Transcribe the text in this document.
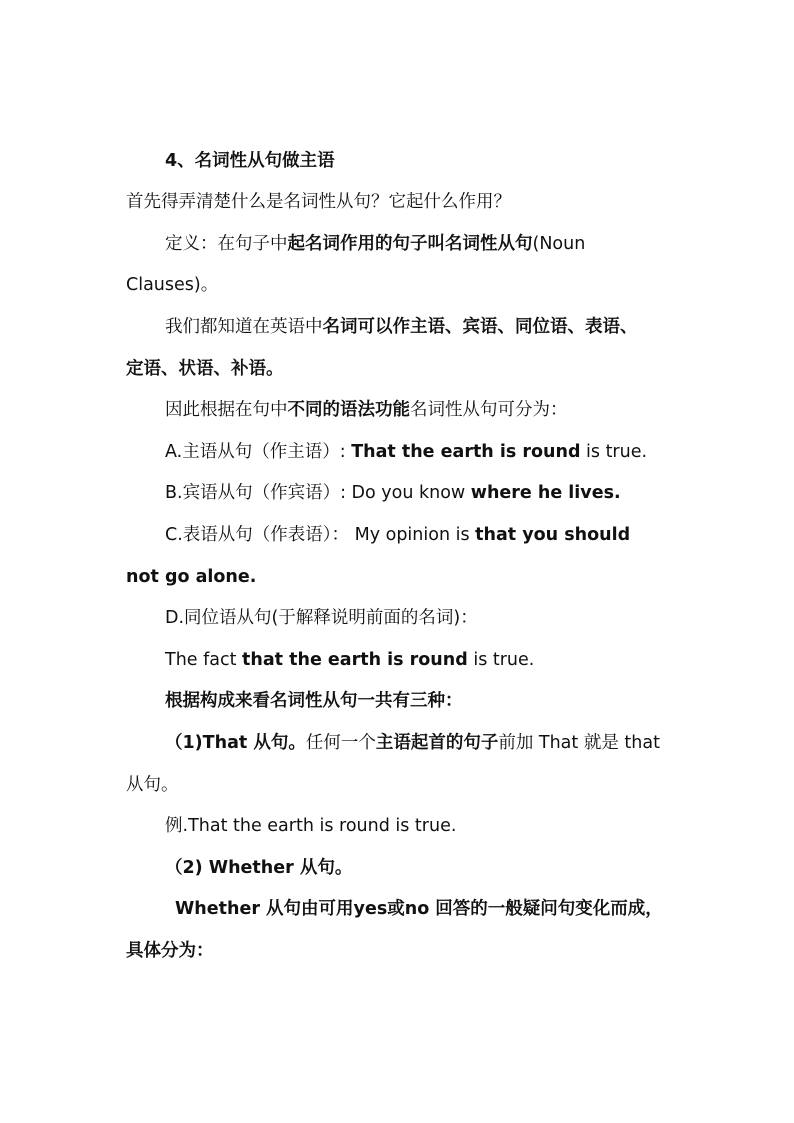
4、名词性从句做主语
首先得弄清楚什么是名词性从句？它起什么作用？
定义：在句子中起名词作用的句子叫名词性从句(Noun
Clauses)。
我们都知道在英语中名词可以作主语、宾语、同位语、表语、
定语、状语、补语。
因此根据在句中不同的语法功能名词性从句可分为：
A.主语从句（作主语）: That the earth is round is true.
B.宾语从句（作宾语）: Do you know where he lives.
C.表语从句（作表语）： My opinion is that you should
not go alone.
D.同位语从句(于解释说明前面的名词)：
The fact that the earth is round is true.
根据构成来看名词性从句一共有三种：
（1)That 从句。任何一个主语起首的句子前加 That 就是 that
从句。
例.That the earth is round is true.
（2) Whether 从句。
Whether 从句由可用yes或no 回答的一般疑问句变化而成，
具体分为：
